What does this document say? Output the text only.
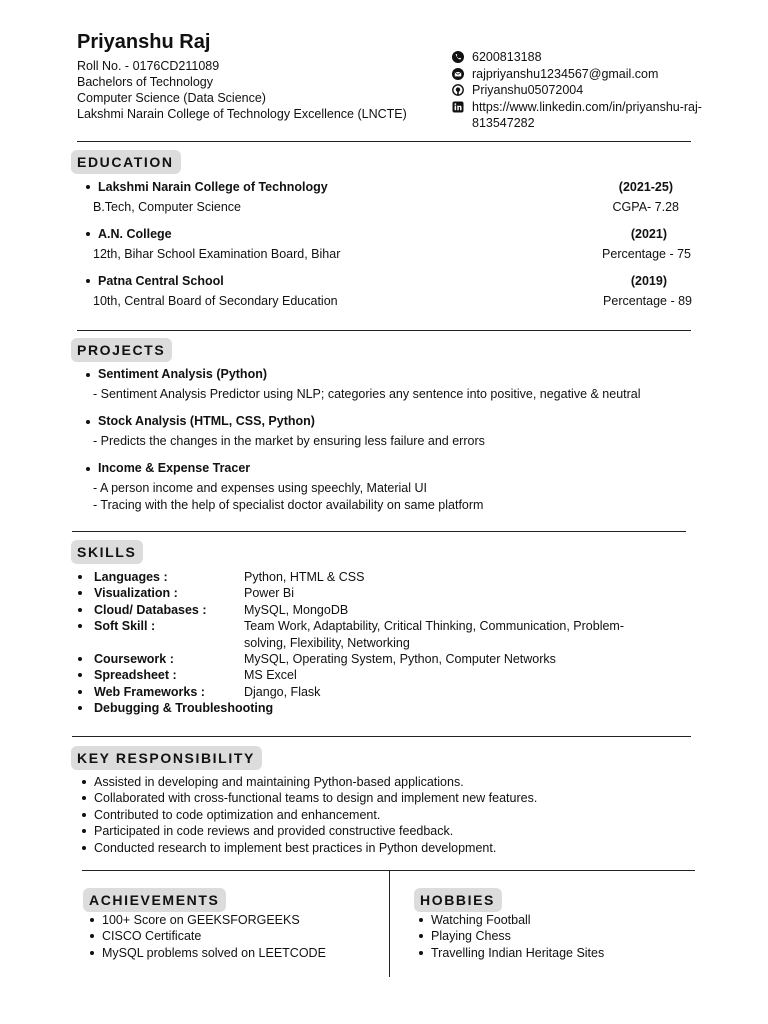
Priyanshu Raj
Roll No. - 0176CD211089
Bachelors of Technology
Computer Science (Data Science)
Lakshmi Narain College of Technology Excellence (LNCTE)
6200813188
rajpriyanshu1234567@gmail.com
Priyanshu05072004
https://www.linkedin.com/in/priyanshu-raj-
813547282
EDUCATION
Lakshmi Narain College of Technology	(2021-25)
B.Tech, Computer Science	CGPA- 7.28
A.N. College	(2021)
12th, Bihar School Examination Board, Bihar	Percentage - 75
Patna Central School	(2019)
10th, Central Board of Secondary Education	Percentage - 89
PROJECTS
Sentiment Analysis (Python)
- Sentiment Analysis Predictor using NLP; categories any sentence into positive, negative & neutral
Stock Analysis (HTML, CSS, Python)
- Predicts the changes in the market by ensuring less failure and errors
Income & Expense Tracer
- A person income and expenses using speechly, Material UI
- Tracing with the help of specialist doctor availability on same platform
SKILLS
	Languages :	Python, HTML & CSS
	Visualization :	Power Bi
	Cloud/ Databases :	MySQL, MongoDB
	Soft Skill :	Team Work, Adaptability, Critical Thinking, Communication, Problem-solving, Flexibility, Networking
	Coursework :	MySQL, Operating System, Python, Computer Networks
	Spreadsheet :	MS Excel
	Web Frameworks :	Django, Flask
	Debugging & Troubleshooting	
KEY RESPONSIBILITY
Assisted in developing and maintaining Python-based applications.
Collaborated with cross-functional teams to design and implement new features.
Contributed to code optimization and enhancement.
Participated in code reviews and provided constructive feedback.
Conducted research to implement best practices in Python development.
ACHIEVEMENTS
100+ Score on GEEKSFORGEEKS
CISCO Certificate
MySQL problems solved on LEETCODE
HOBBIES
Watching Football
Playing Chess
Travelling Indian Heritage Sites
